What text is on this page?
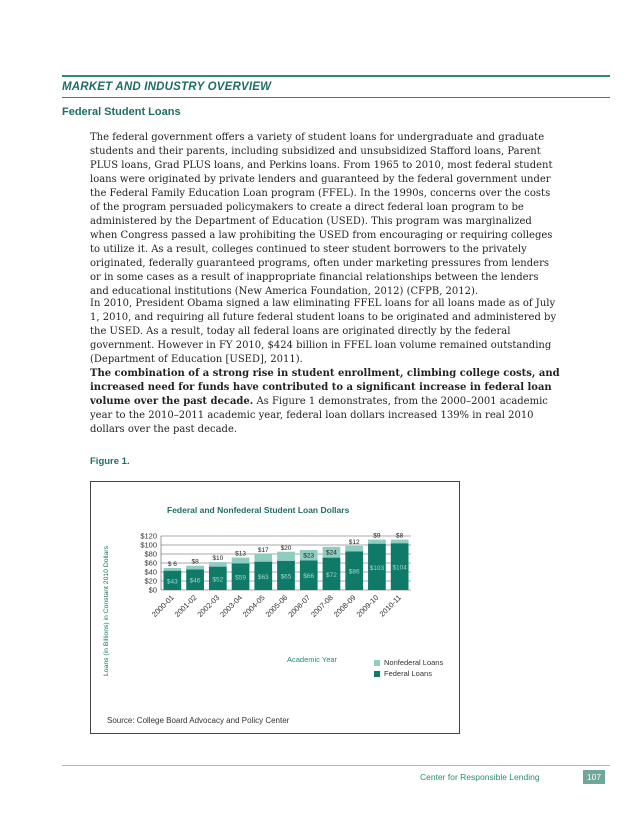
MARKET AND INDUSTRY OVERVIEW
Federal Student Loans
The federal government offers a variety of student loans for undergraduate and graduate students and their parents, including subsidized and unsubsidized Stafford loans, Parent PLUS loans, Grad PLUS loans, and Perkins loans. From 1965 to 2010, most federal student loans were originated by private lenders and guaranteed by the federal government under the Federal Family Education Loan program (FFEL). In the 1990s, concerns over the costs of the program persuaded policymakers to create a direct federal loan program to be administered by the Department of Education (USED). This program was marginalized when Congress passed a law prohibiting the USED from encouraging or requiring colleges to utilize it. As a result, colleges continued to steer student borrowers to the privately originated, federally guaranteed programs, often under marketing pressures from lenders or in some cases as a result of inappropriate financial relationships between the lenders and educational institutions (New America Foundation, 2012) (CFPB, 2012).
In 2010, President Obama signed a law eliminating FFEL loans for all loans made as of July 1, 2010, and requiring all future federal student loans to be originated and administered by the USED. As a result, today all federal loans are originated directly by the federal government. However in FY 2010, $424 billion in FFEL loan volume remained outstanding (Department of Education [USED], 2011).
The combination of a strong rise in student enrollment, climbing college costs, and increased need for funds have contributed to a significant increase in federal loan volume over the past decade. As Figure 1 demonstrates, from the 2000–2001 academic year to the 2010–2011 academic year, federal loan dollars increased 139% in real 2010 dollars over the past decade.
Figure 1.
Federal and Nonfederal Student Loan Dollars
Loans (in Billions) in Constant 2010 Dollars	$0
$20
$40
$60
$80
$100
$120
$43
$ 6
2000-01
$46
$8
2001-02
$52
$10
2002-03
$59
$13
2003-04
$63
$17
2004-05
$65
$20
2005-06
$66
$23
2006-07
$72
$24
2007-08
$86
$12
2008-09
$103
$9
2009-10
$104
$8
2010-11
Academic Year	Nonfederal Loans
Federal Loans
Source: College Board Advocacy and Policy Center
Center for Responsible Lending	107
